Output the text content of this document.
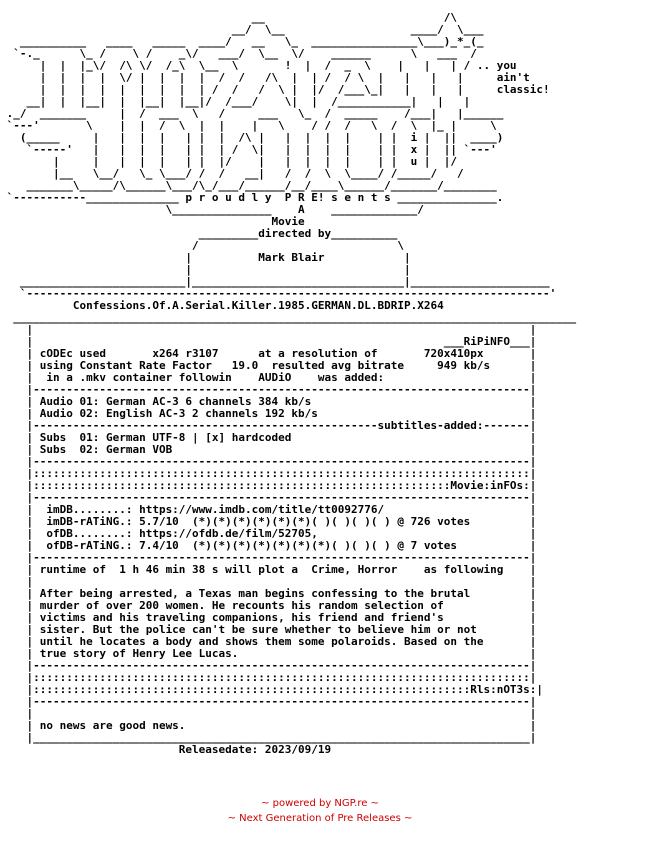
__                           /\
__/  \__                   ____/  \___
__________   ____   _____  ____/   __   \_  ________________\___)_*_(_
`-._      \_ /    \ /    _\/   ___/  \__  \/    ______      \   ___  /
|  |  |_\/  /\ \/  /_\  \__  \       !  |  /  _  \    |   |   | / .. you
|  |  |  |  \/ |  |  |  |  /  /   /\  |  | /  / \  |   |   |   |     ain't
|  |  |  |  |  |  |  |  | /  /   /  \ |  |/  /___\_|   |   |   |     classic!
__|  |  |__|  |  |__|  |__|/  /___/    \|  |  /___________|   |   |
._/  _______     |  /  ___  \   /     ___   \_  /  _____    /___|   |______
`---'       \    |  |  /  \  |  |    |   \    / /  /   \  /  \  |_ |     \
(_____     |   |  |  |   | |  |  /\ |   |  |  |  |    | |  i |  ||  ____)
`-----'   |   |  |  |   | |  | /  \|   |  |  |  |    | |  x |  || `---'
|     |   |  |  |   | |  |/    |   |  |  |  |    | |  u |  |/
|__   \__/   \_ \___/ /  /   __|   /  /  \  \____/ /_____/   /
_______\_____/\______\___/\_/___/______/__/____\______/_______/________
`-----------______________ p r o u d l y  P R E! s e n t s _______________.
\_______________    A    _____________/
Movie
_________directed by__________
/                              \
|          Mark Blair            |
|                                |
_________________________|________________________________|_____________________
`-------------------------------------------------------------------------------'
Confessions.Of.A.Serial.Killer.1985.GERMAN.DL.BDRIP.X264
_____________________________________________________________________________________
|                                                                           |
|                                                              ___RiPiNFO___|
| cODEc used       x264 r3107      at a resolution of       720x410px       |
| using Constant Rate Factor   19.0  resulted avg bitrate     949 kb/s      |
|  in a .mkv container followin    AUDiO    was added:                      |
|---------------------------------------------------------------------------|
| Audio 01: German AC-3 6 channels 384 kb/s                                 |
| Audio 02: English AC-3 2 channels 192 kb/s                                |
|----------------------------------------------------subtitles-added:-------|
| Subs  01: German UTF-8 | [x] hardcoded                                    |
| Subs  02: German VOB                                                      |
|---------------------------------------------------------------------------|
|:::::::::::::::::::::::::::::::::::::::::::::::::::::::::::::::::::::::::::|
|:::::::::::::::::::::::::::::::::::::::::::::::::::::::::::::::Movie:inFOs:|
|---------------------------------------------------------------------------|
|  imDB........: https://www.imdb.com/title/tt0092776/                      |
|  imDB-rATiNG.: 5.7/10  (*)(*)(*)(*)(*)(*)( )( )( )( ) @ 726 votes         |
|  ofDB........: https://ofdb.de/film/52705,                                |
|  ofDB-rATiNG.: 7.4/10  (*)(*)(*)(*)(*)(*)(*)( )( )( ) @ 7 votes           |
|---------------------------------------------------------------------------|
| runtime of  1 h 46 min 38 s will plot a  Crime, Horror    as following    |
|                                                                           |
| After being arrested, a Texas man begins confessing to the brutal         |
| murder of over 200 women. He recounts his random selection of             |
| victims and his traveling companions, his friend and friend's             |
| sister. But the police can't be sure whether to believe him or not        |
| until he locates a body and shows them some polaroids. Based on the       |
| true story of Henry Lee Lucas.                                            |
|---------------------------------------------------------------------------|
|:::::::::::::::::::::::::::::::::::::::::::::::::::::::::::::::::::::::::::|
|::::::::::::::::::::::::::::::::::::::::::::::::::::::::::::::::::Rls:nOT3s:|
|---------------------------------------------------------------------------|
|                                                                           |
| no news are good news.                                                    |
|___________________________________________________________________________|
Releasedate: 2023/09/19
~ powered by NGP.re ~
~ Next Generation of Pre Releases ~
